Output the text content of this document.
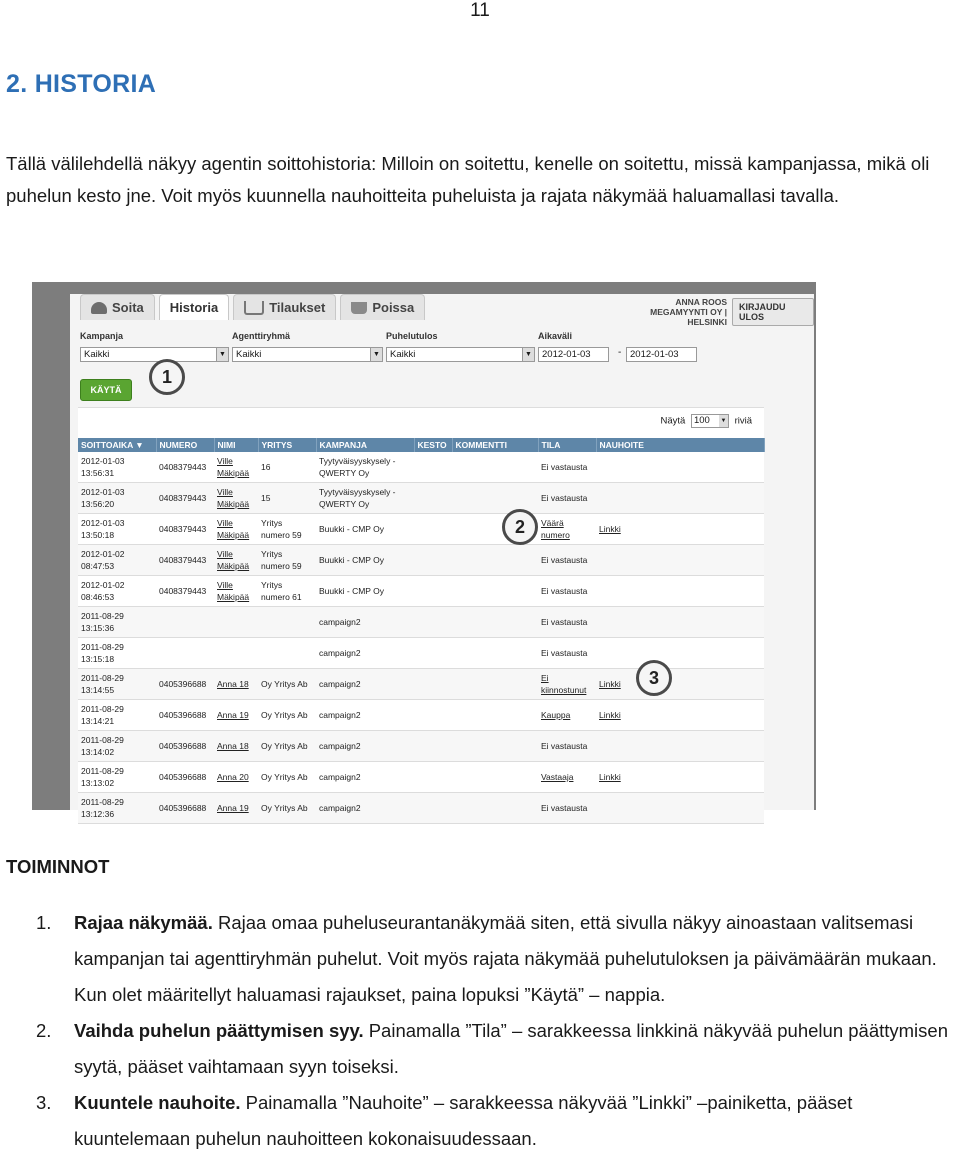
11
2. HISTORIA

Tällä välilehdellä näkyy agentin soittohistoria: Milloin on soitettu, kenelle on soitettu, missä kampanjassa, mikä oli puhelun kesto jne. Voit myös kuunnella nauhoitteita puheluista ja rajata näkymää haluamallasi tavalla.

Soita Historia	Tilaukset	Poissa	ANNA ROOS
MEGAMYYNTI OY | HELSINKI
KIRJAUDU ULOS
Kampanja
Kaikki	▼
Agenttiryhmä
Kaikki	▼
Puhelutulos
Kaikki	▼
Aikaväli
2012-01-03	- 2012-01-03
KÄYTÄ
Näytä 100 ▼ riviä
SOITTOAIKA ▼	NUMERO	NIMI	YRITYS	KAMPANJA	KESTO	KOMMENTTI	TILA	NAUHOITE
2012-01-03 13:56:31	0408379443	Ville Mäkipää	16	Tyytyväisyyskysely - QWERTY Oy			Ei vastausta	
2012-01-03 13:56:20	0408379443	Ville Mäkipää	15	Tyytyväisyyskysely - QWERTY Oy			Ei vastausta	
2012-01-03 13:50:18	0408379443	Ville Mäkipää	Yritys numero 59	Buukki - CMP Oy			Väärä numero	Linkki
2012-01-02 08:47:53	0408379443	Ville Mäkipää	Yritys numero 59	Buukki - CMP Oy			Ei vastausta	
2012-01-02 08:46:53	0408379443	Ville Mäkipää	Yritys numero 61	Buukki - CMP Oy			Ei vastausta	
2011-08-29 13:15:36				campaign2			Ei vastausta	
2011-08-29 13:15:18				campaign2			Ei vastausta	
2011-08-29 13:14:55	0405396688	Anna 18	Oy Yritys Ab	campaign2			Ei kiinnostunut	Linkki
2011-08-29 13:14:21	0405396688	Anna 19	Oy Yritys Ab	campaign2			Kauppa	Linkki
2011-08-29 13:14:02	0405396688	Anna 18	Oy Yritys Ab	campaign2			Ei vastausta	
2011-08-29 13:13:02	0405396688	Anna 20	Oy Yritys Ab	campaign2			Vastaaja	Linkki
2011-08-29 13:12:36	0405396688	Anna 19	Oy Yritys Ab	campaign2			Ei vastausta	
1
2
3
TOIMINNOT
1. Rajaa näkymää. Rajaa omaa puheluseurantanäkymää siten, että sivulla näkyy ainoastaan valitsemasi kampanjan tai agenttiryhmän puhelut. Voit myös rajata näkymää puhelutuloksen ja päivämäärän mukaan. Kun olet määritellyt haluamasi rajaukset, paina lopuksi ”Käytä” – nappia.

2. Vaihda puhelun päättymisen syy. Painamalla ”Tila” – sarakkeessa linkkinä näkyvää puhelun päättymisen syytä, pääset vaihtamaan syyn toiseksi.

3. Kuuntele nauhoite. Painamalla ”Nauhoite” – sarakkeessa näkyvää ”Linkki” –painiketta, pääset kuuntelemaan puhelun nauhoitteen kokonaisuudessaan.
